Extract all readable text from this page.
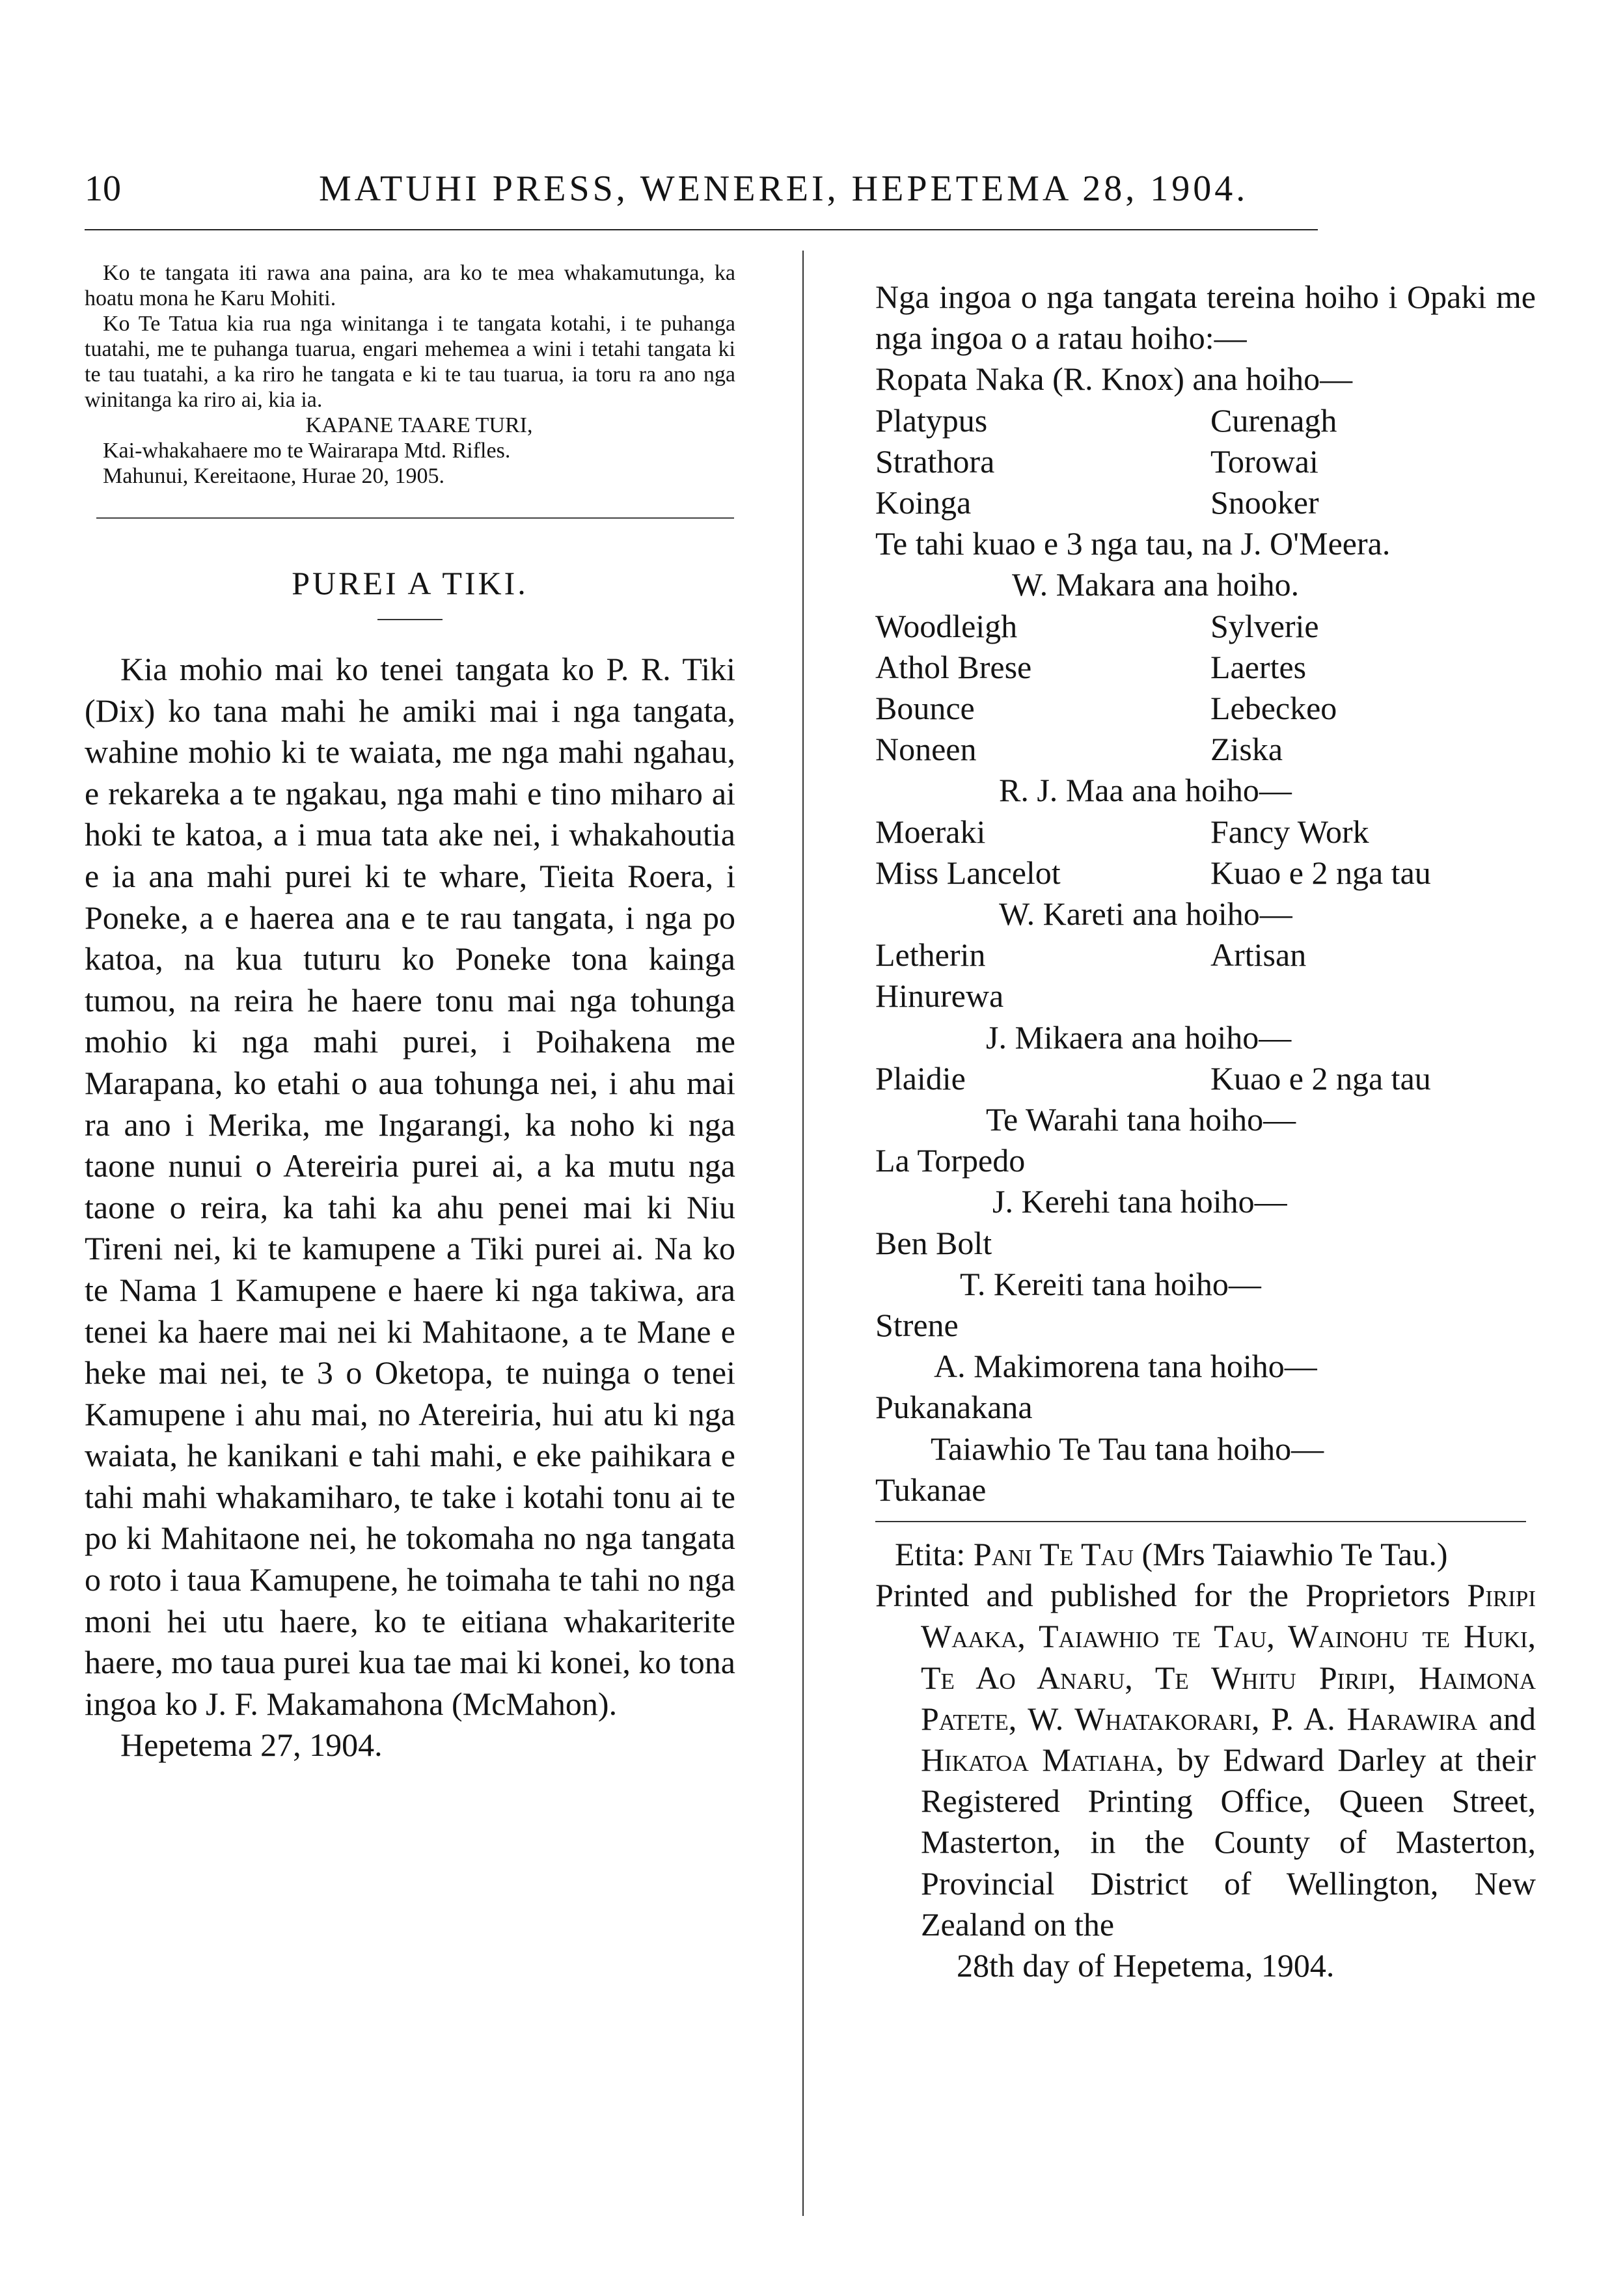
10	MATUHI PRESS, WENEREI, HEPETEMA 28, 1904.

Ko te tangata iti rawa ana paina, ara ko te mea whakamutunga, ka hoatu mona he Karu Mohiti.

Ko Te Tatua kia rua nga winitanga i te tangata kotahi, i te puhanga tuatahi, me te puhanga tuarua, engari mehemea a wini i tetahi tangata ki te tau tuatahi, a ka riro he tangata e ki te tau tuarua, ia toru ra ano nga winitanga ka riro ai, kia ia.

KAPANE TAARE TURI,

Kai-whakahaere mo te Wairarapa Mtd. Rifles.

Mahunui, Kereitaone, Hurae 20, 1905.

PUREI A TIKI.

Kia mohio mai ko tenei tangata ko P. R. Tiki (Dix) ko tana mahi he amiki mai i nga tangata, wahine mohio ki te waiata, me nga mahi ngahau, e rekareka a te ngakau, nga mahi e tino miharo ai hoki te katoa, a i mua tata ake nei, i whakahoutia e ia ana mahi purei ki te whare, Tieita Roera, i Poneke, a e haerea ana e te rau tangata, i nga po katoa, na kua tuturu ko Poneke tona kainga tumou, na reira he haere tonu mai nga tohunga mohio ki nga mahi purei, i Poihakena me Marapana, ko etahi o aua tohunga nei, i ahu mai ra ano i Merika, me Ingarangi, ka noho ki nga taone nunui o Atereiria purei ai, a ka mutu nga taone o reira, ka tahi ka ahu penei mai ki Niu Tireni nei, ki te kamupene a Tiki purei ai. Na ko te Nama 1 Kamupene e haere ki nga takiwa, ara tenei ka haere mai nei ki Mahitaone, a te Mane e heke mai nei, te 3 o Oketopa, te nuinga o tenei Kamupene i ahu mai, no Atereiria, hui atu ki nga waiata, he kanikani e tahi mahi, e eke paihikara e tahi mahi whakamiharo, te take i kotahi tonu ai te po ki Mahitaone nei, he tokomaha no nga tangata o roto i taua Kamupene, he toimaha te tahi no nga moni hei utu haere, ko te eitiana whakariterite haere, mo taua purei kua tae mai ki konei, ko tona ingoa ko J. F. Makamahona (McMahon).

Hepetema 27, 1904.

Nga ingoa o nga tangata tereina hoiho i Opaki me nga ingoa o a ratau hoiho:—

Ropata Naka (R. Knox) ana hoiho—
Platypus	Curenagh
Strathora	Torowai
Koinga	Snooker
Te tahi kuao e 3 nga tau, na J. O'Meera.
W. Makara ana hoiho.
Woodleigh	Sylverie
Athol Brese	Laertes
Bounce	Lebeckeo
Noneen	Ziska
R. J. Maa ana hoiho—
Moeraki	Fancy Work
Miss Lancelot	Kuao e 2 nga tau
W. Kareti ana hoiho—
Letherin	Artisan
Hinurewa
J. Mikaera ana hoiho—
Plaidie	Kuao e 2 nga tau
Te Warahi tana hoiho—
La Torpedo
J. Kerehi tana hoiho—
Ben Bolt
T. Kereiti tana hoiho—
Strene
A. Makimorena tana hoiho—
Pukanakana
Taiawhio Te Tau tana hoiho—
Tukanae

Etita: Pani Te Tau (Mrs Taiawhio Te Tau.)

Printed and published for the Proprietors Piripi Waaka, Taiawhio te Tau, Wainohu te Huki, Te Ao Anaru, Te Whitu Piripi, Haimona Patete, W. Whatakorari, P. A. Harawira and Hikatoa Matiaha, by Edward Darley at their Registered Printing Office, Queen Street, Masterton, in the County of Masterton, Provincial District of Wellington, New Zealand on the
28th day of Hepetema, 1904.
